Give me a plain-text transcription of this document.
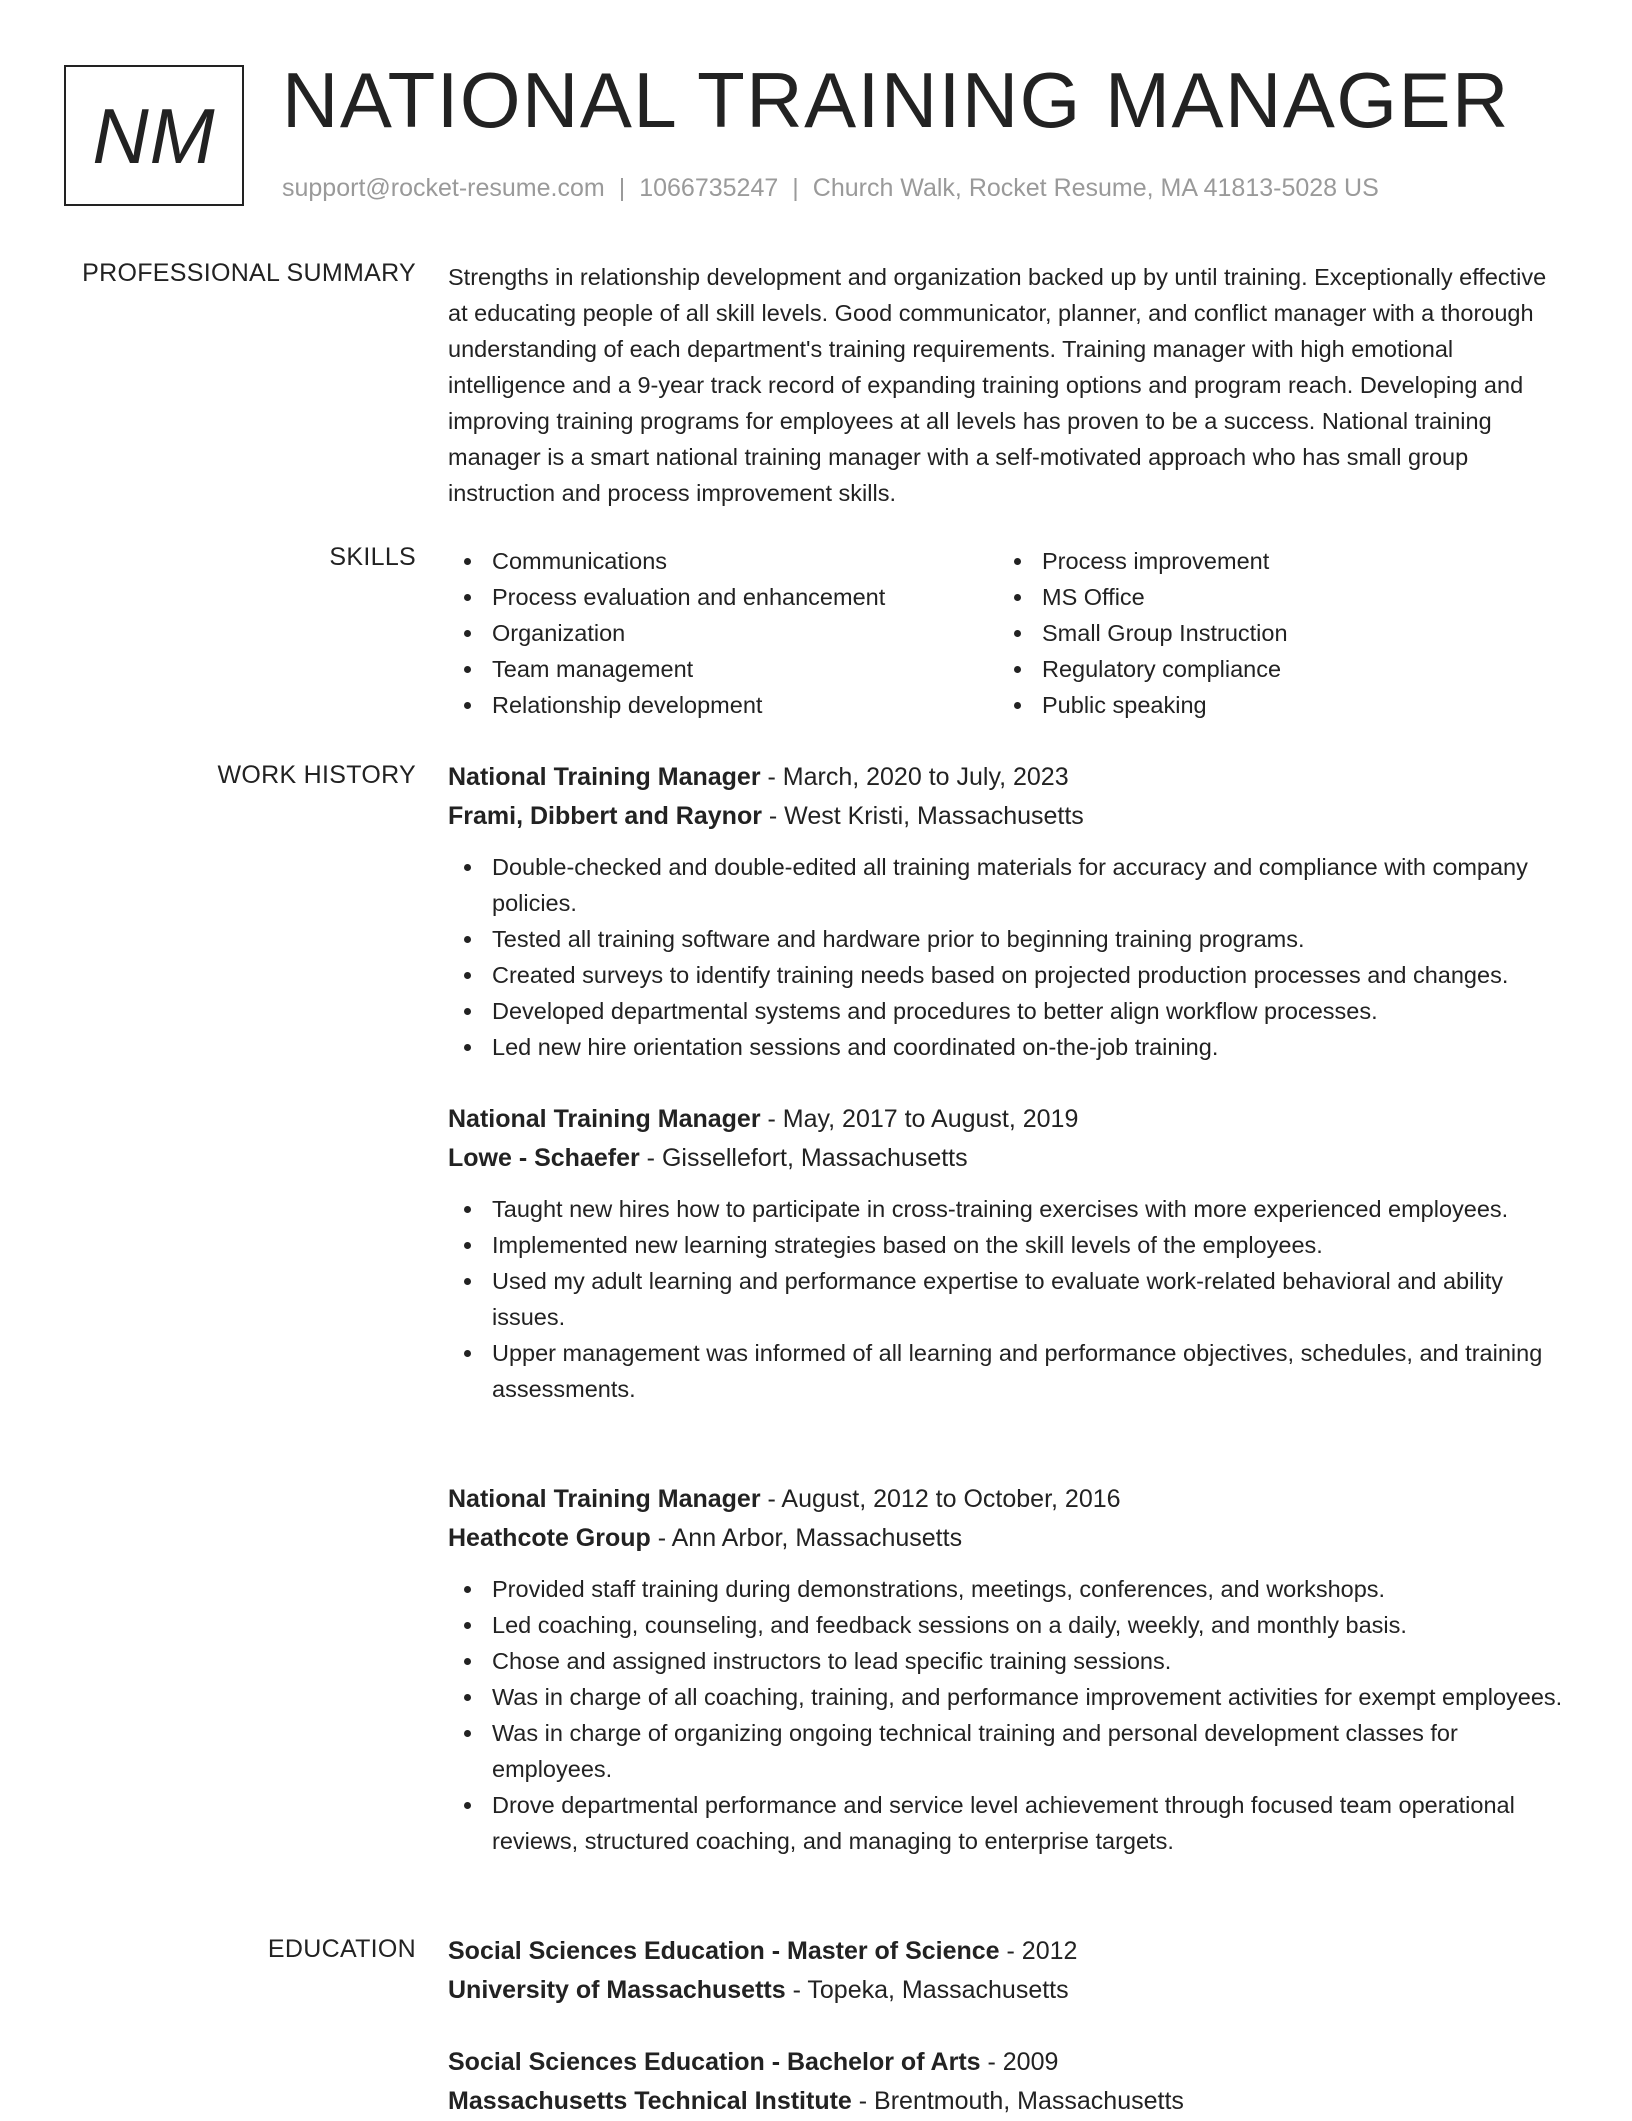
NM NATIONAL TRAINING MANAGER
support@rocket-resume.com | 1066735247 | Church Walk, Rocket Resume, MA 41813-5028 US
PROFESSIONAL SUMMARY Strengths in relationship development and organization backed up by until training. Exceptionally effective at educating people of all skill levels. Good communicator, planner, and conflict manager with a thorough understanding of each department's training requirements. Training manager with high emotional intelligence and a 9-year track record of expanding training options and program reach. Developing and improving training programs for employees at all levels has proven to be a success. National training manager is a smart national training manager with a self-motivated approach who has small group instruction and process improvement skills.

SKILLS	Communications
Process evaluation and enhancement
Organization
Team management
Relationship development
Process improvement
MS Office
Small Group Instruction
Regulatory compliance
Public speaking
WORK HISTORY National Training Manager - March, 2020 to July, 2023
Frami, Dibbert and Raynor - West Kristi, Massachusetts
Double-checked and double-edited all training materials for accuracy and compliance with company policies.
Tested all training software and hardware prior to beginning training programs.
Created surveys to identify training needs based on projected production processes and changes.
Developed departmental systems and procedures to better align workflow processes.
Led new hire orientation sessions and coordinated on-the-job training.
National Training Manager - May, 2017 to August, 2019
Lowe - Schaefer - Gissellefort, Massachusetts
Taught new hires how to participate in cross-training exercises with more experienced employees.
Implemented new learning strategies based on the skill levels of the employees.
Used my adult learning and performance expertise to evaluate work-related behavioral and ability issues.
Upper management was informed of all learning and performance objectives, schedules, and training assessments.
National Training Manager - August, 2012 to October, 2016
Heathcote Group - Ann Arbor, Massachusetts
Provided staff training during demonstrations, meetings, conferences, and workshops.
Led coaching, counseling, and feedback sessions on a daily, weekly, and monthly basis.
Chose and assigned instructors to lead specific training sessions.
Was in charge of all coaching, training, and performance improvement activities for exempt employees.
Was in charge of organizing ongoing technical training and personal development classes for employees.
Drove departmental performance and service level achievement through focused team operational reviews, structured coaching, and managing to enterprise targets.
EDUCATION Social Sciences Education - Master of Science - 2012
University of Massachusetts - Topeka, Massachusetts
Social Sciences Education - Bachelor of Arts - 2009
Massachusetts Technical Institute - Brentmouth, Massachusetts
